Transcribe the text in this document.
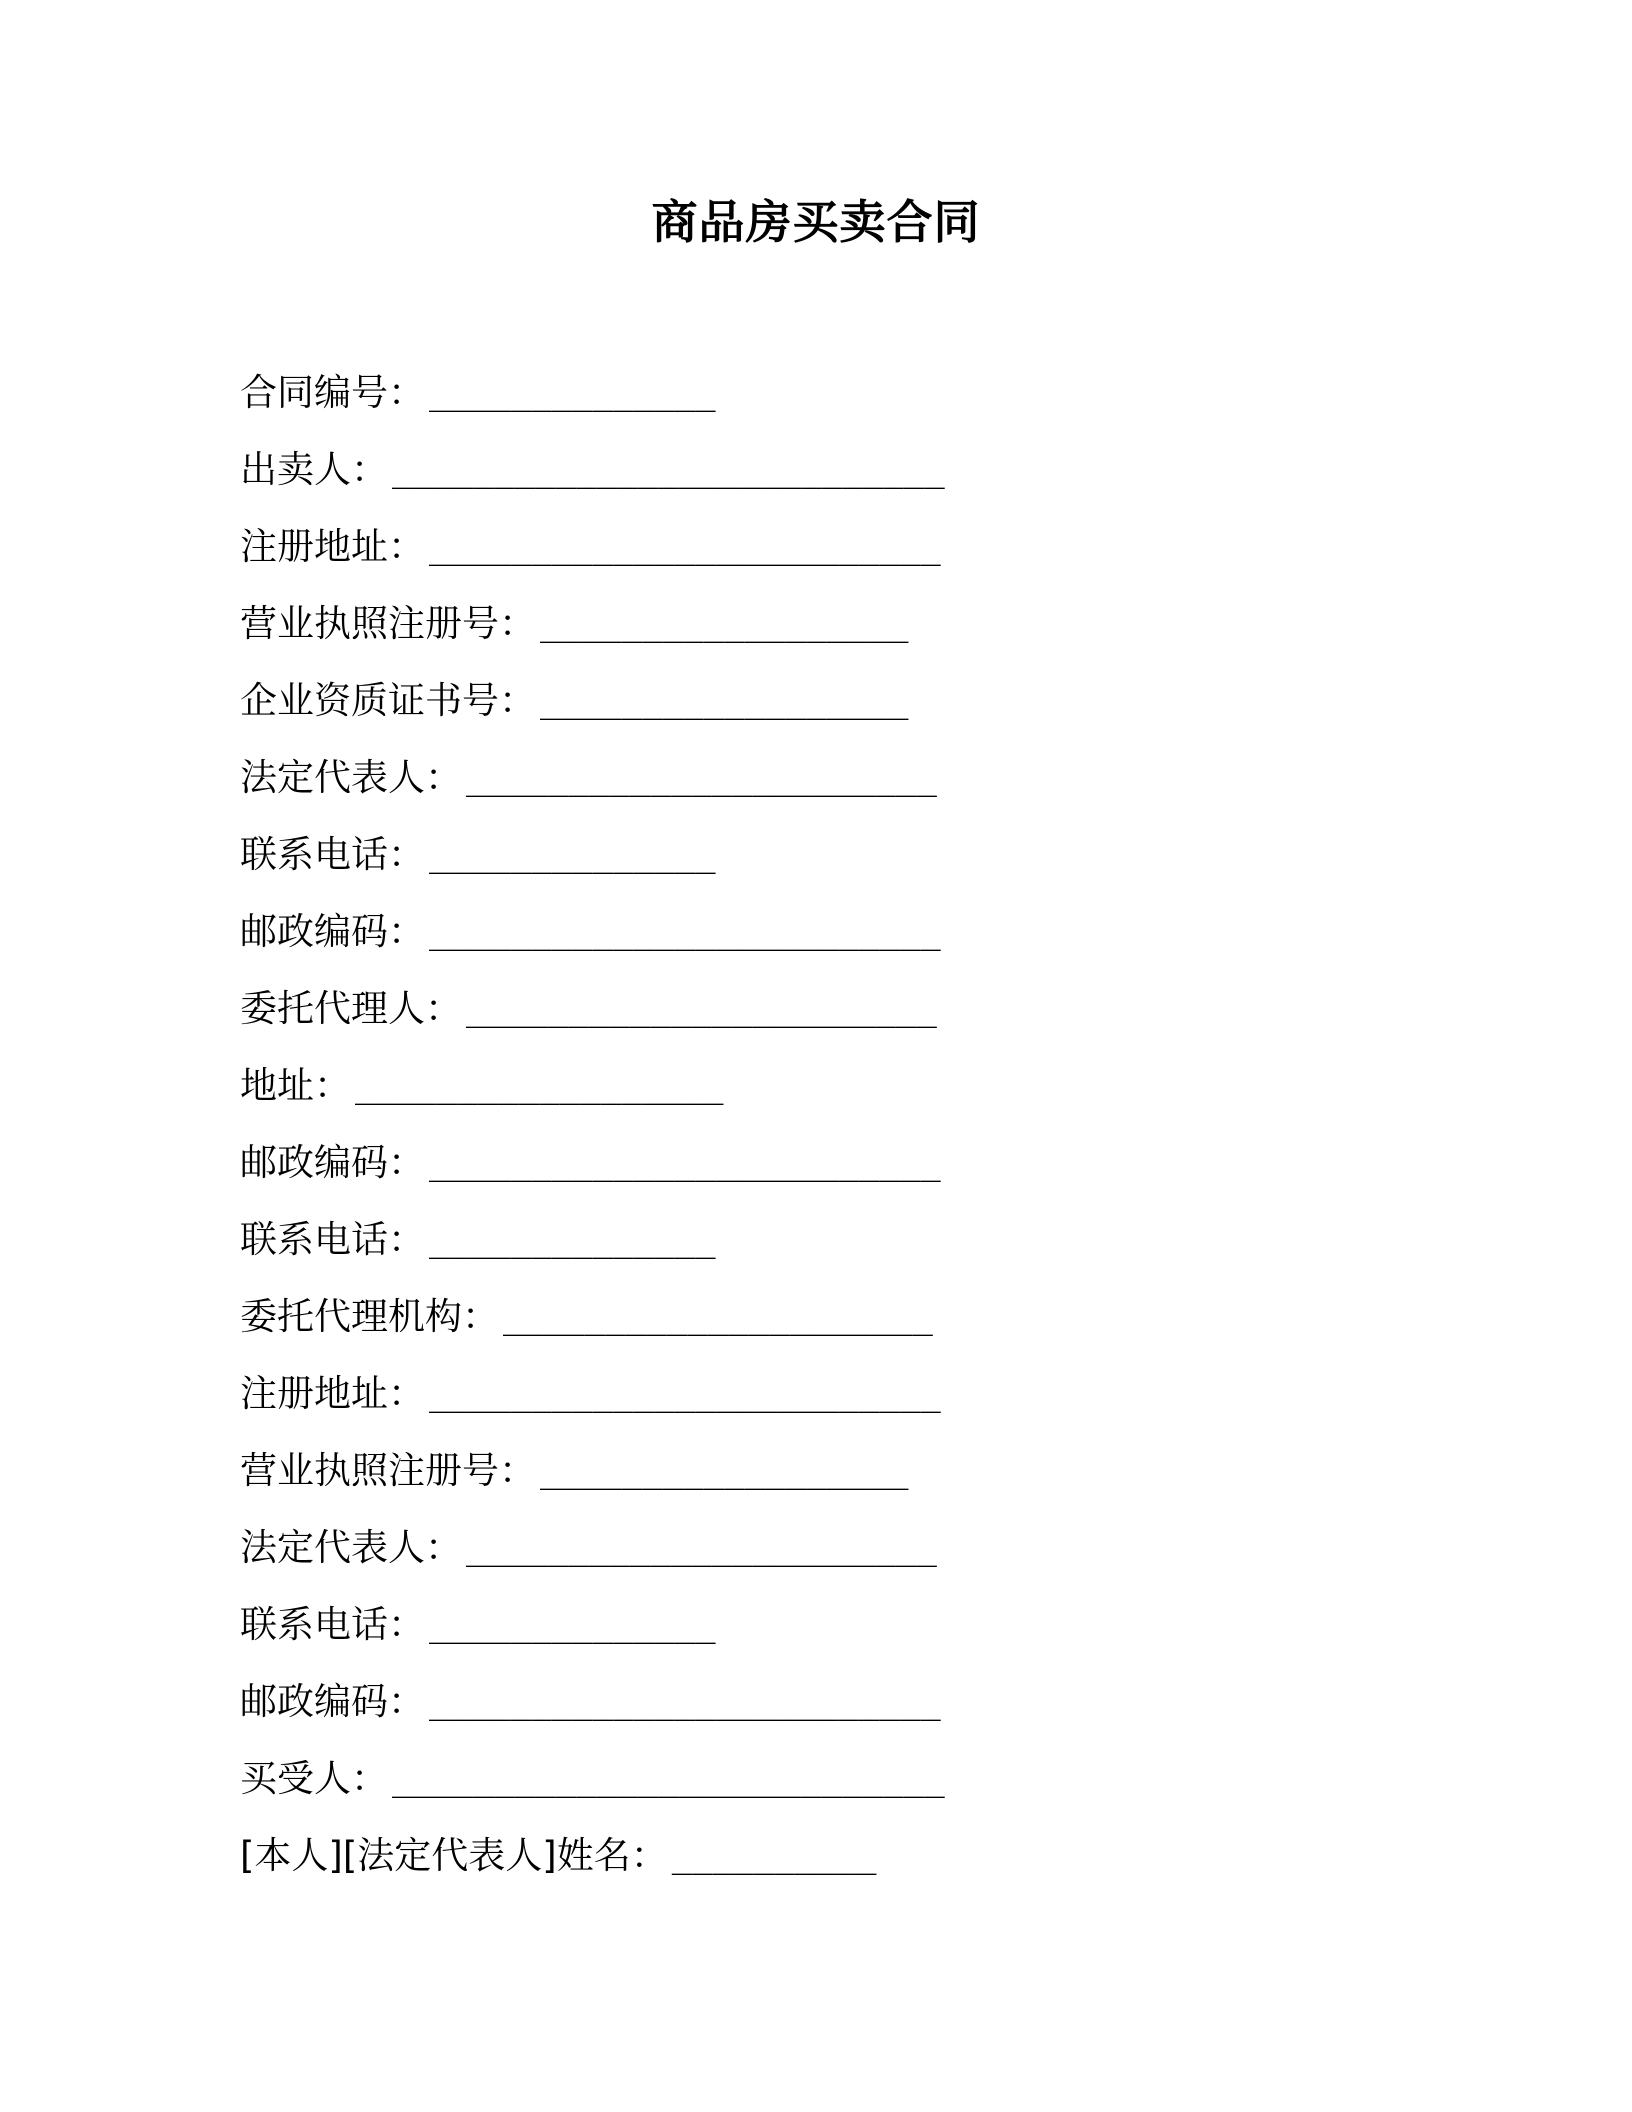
商品房买卖合同
合同编号： ______________
出卖人： ___________________________
注册地址： _________________________
营业执照注册号： __________________
企业资质证书号： __________________
法定代表人： _______________________
联系电话： ______________
邮政编码： _________________________
委托代理人： _______________________
地址： __________________
邮政编码： _________________________
联系电话： ______________
委托代理机构： _____________________
注册地址： _________________________
营业执照注册号： __________________
法定代表人： _______________________
联系电话： ______________
邮政编码： _________________________
买受人： ___________________________
[本人][法定代表人]姓名： __________
